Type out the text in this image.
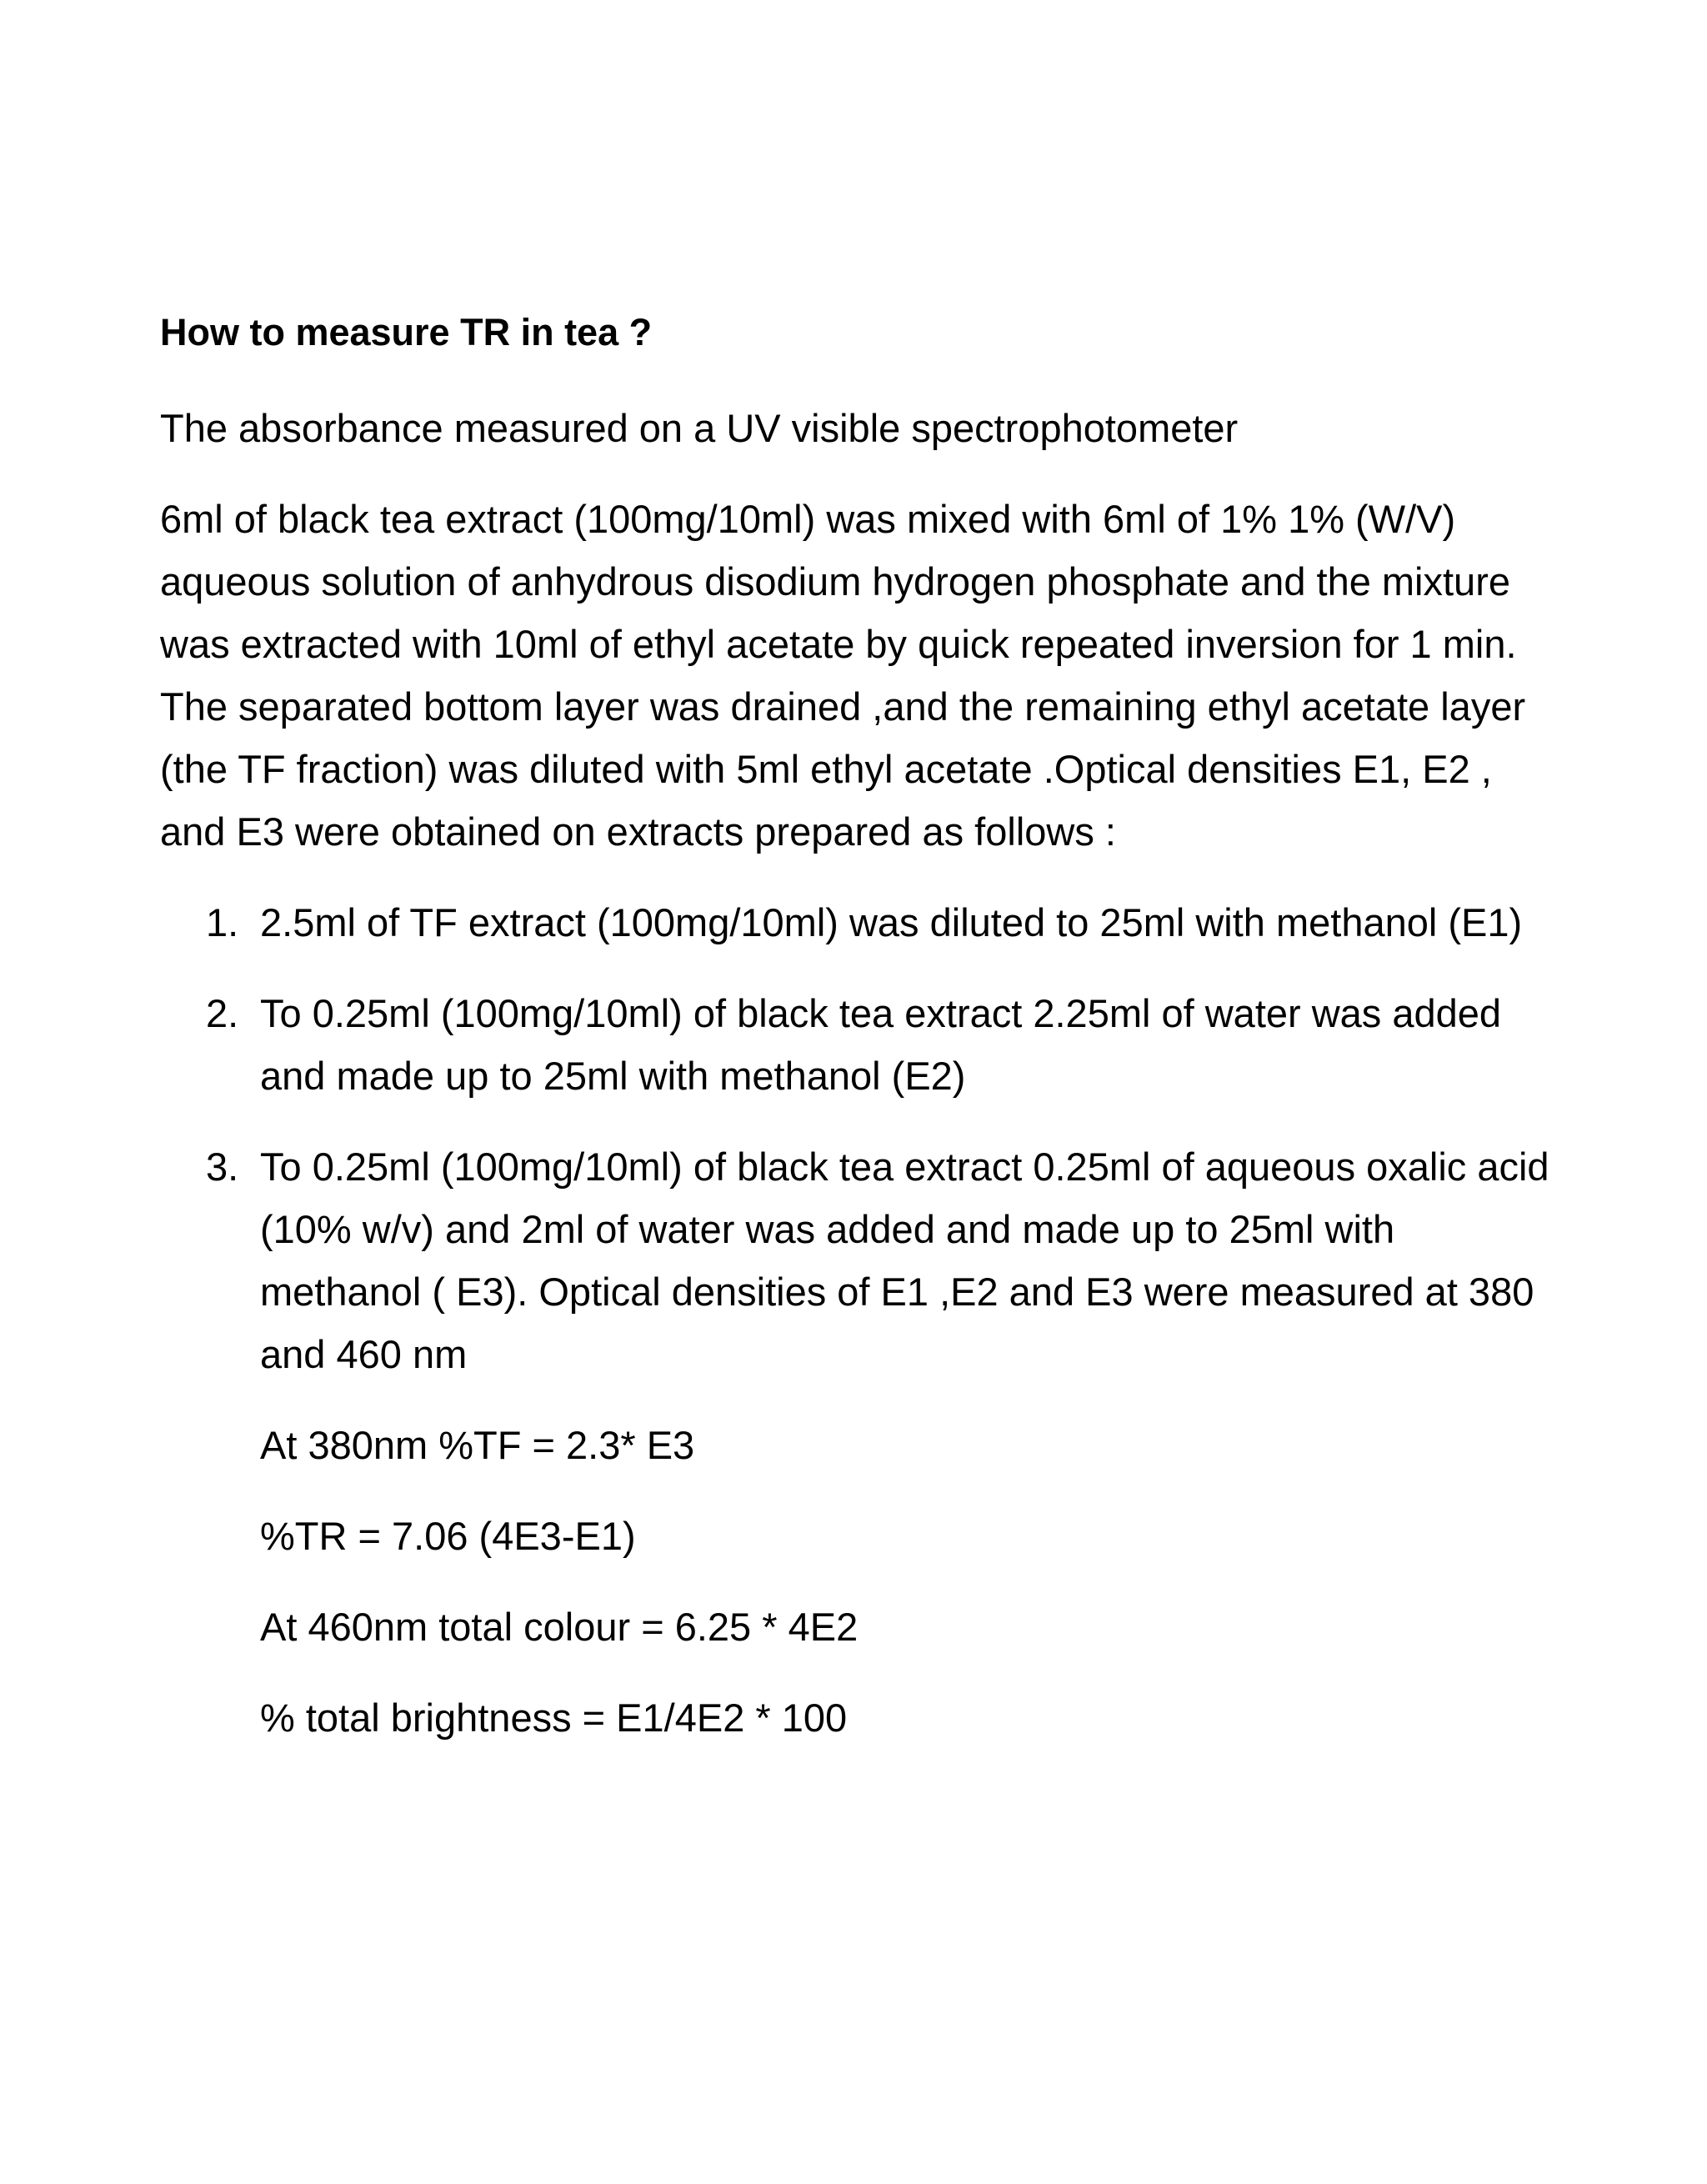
How to measure TR in tea ?
The absorbance measured on a UV visible spectrophotometer
6ml of black tea extract (100mg/10ml) was mixed with 6ml of 1% 1% (W/V) aqueous solution of anhydrous disodium hydrogen phosphate and the mixture was extracted with 10ml of ethyl acetate by quick repeated inversion for 1 min. The separated bottom layer was drained ,and the remaining ethyl acetate layer (the TF fraction) was diluted with 5ml ethyl acetate .Optical densities E1, E2 , and E3 were obtained on extracts prepared as follows :
1. 2.5ml of TF extract (100mg/10ml) was diluted to 25ml with methanol (E1)
2. To 0.25ml (100mg/10ml) of black tea extract 2.25ml of water was added and made up to 25ml with methanol (E2)
3. To 0.25ml (100mg/10ml) of black tea extract 0.25ml of aqueous oxalic acid (10% w/v) and 2ml of water was added and made up to 25ml with methanol ( E3). Optical densities of E1 ,E2 and E3 were measured at 380 and 460 nm
At 380nm %TF = 2.3* E3
%TR = 7.06 (4E3-E1)
At 460nm total colour = 6.25 * 4E2
% total brightness = E1/4E2 * 100
